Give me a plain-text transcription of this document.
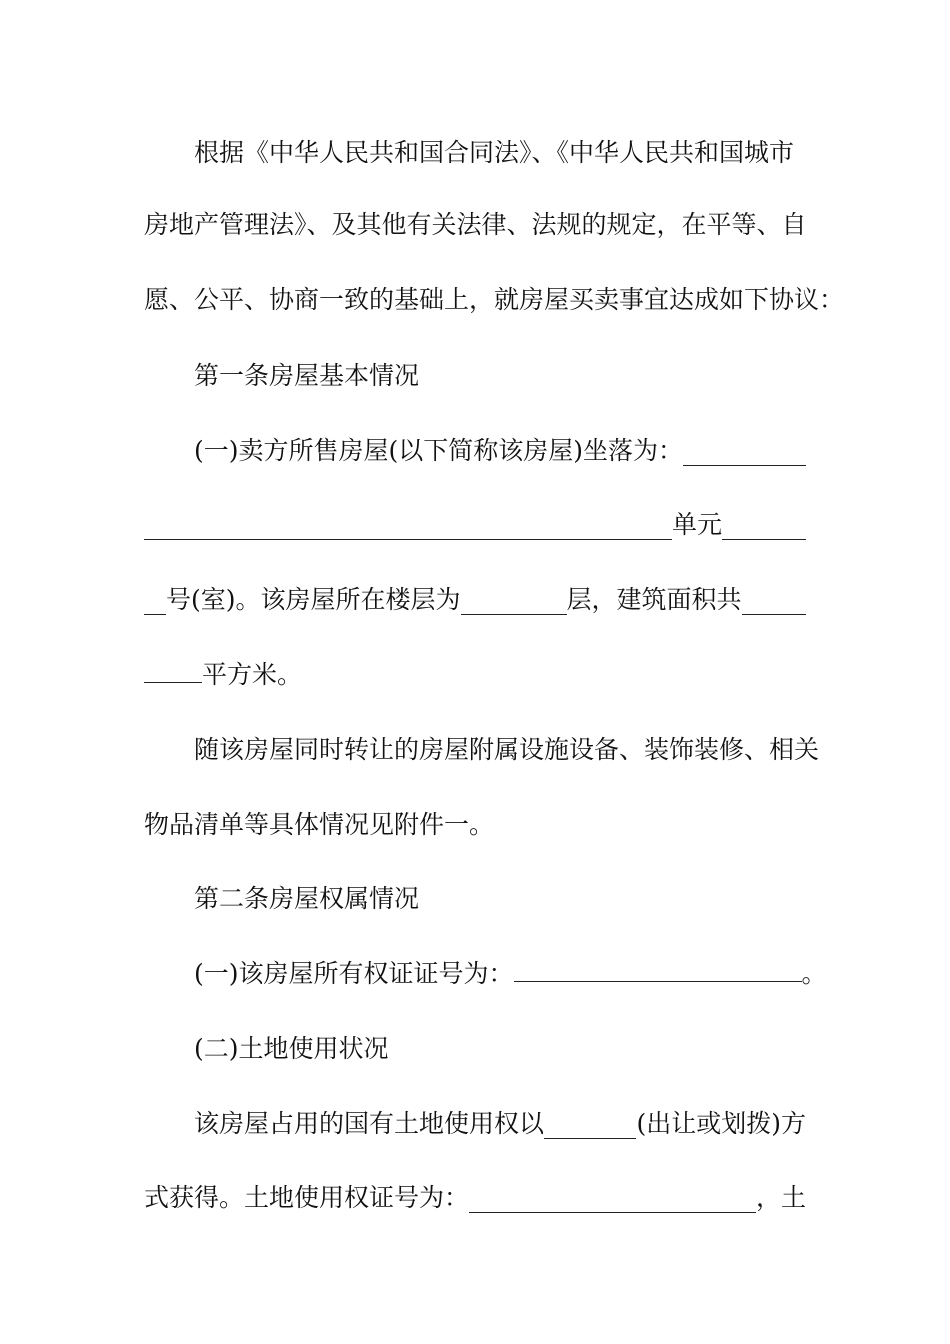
根据《中华人民共和国合同法》、《中华人民共和国城市
房地产管理法》、及其他有关法律、法规的规定，在平等、自
愿、公平、协商一致的基础上，就房屋买卖事宜达成如下协议：
第一条房屋基本情况
(一)卖方所售房屋(以下简称该房屋)坐落为：
单元
号(室)。该房屋所在楼层为	层，建筑面积共
平方米。
随该房屋同时转让的房屋附属设施设备、装饰装修、相关
物品清单等具体情况见附件一。
第二条房屋权属情况
(一)该房屋所有权证证号为：	。
(二)土地使用状况
该房屋占用的国有土地使用权以	(出让或划拨)方
式获得。土地使用权证号为：	，土
